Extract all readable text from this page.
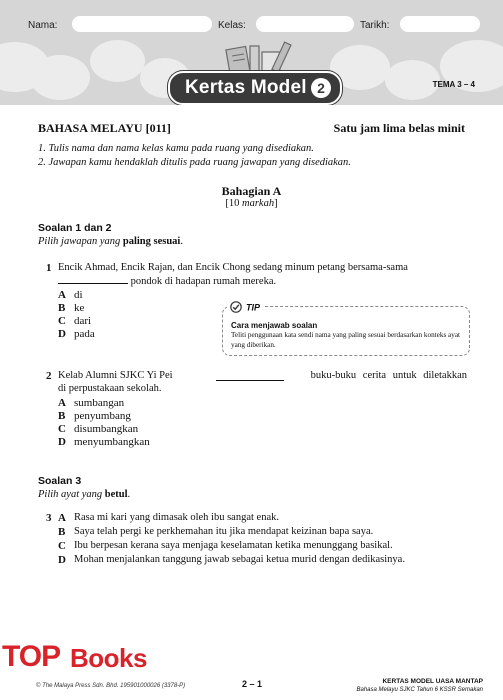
Nama:	Kelas:	Tarikh:
Kertas Model 2	TEMA 3 – 4
BAHASA MELAYU [011]	Satu jam lima belas minit
1. Tulis nama dan nama kelas kamu pada ruang yang disediakan.
2. Jawapan kamu hendaklah ditulis pada ruang jawapan yang disediakan.
Bahagian A
[10 markah]
Soalan 1 dan 2
Pilih jawapan yang paling sesuai.
1 Encik Ahmad, Encik Rajan, dan Encik Chong sedang minum petang bersama-sama
pondok di hadapan rumah mereka.
A di
B ke
C dari
D pada
TIP
Cara menjawab soalan
Teliti penggunaan kata sendi nama yang paling sesuai berdasarkan konteks ayat yang diberikan.
2 Kelab Alumni SJKC Yi Pei	buku-buku cerita untuk diletakkan
di perpustakaan sekolah.
A sumbangan
B penyumbang
C disumbangkan
D menyumbangkan
Soalan 3
Pilih ayat yang betul.
3 A Rasa mi kari yang dimasak oleh ibu sangat enak.
B Saya telah pergi ke perkhemahan itu jika mendapat keizinan bapa saya.
C Ibu berpesan kerana saya menjaga keselamatan ketika menunggang basikal.
D Mohan menjalankan tanggung jawab sebagai ketua murid dengan dedikasinya.
TOP Books
© The Malaya Press Sdn. Bhd. 195901000026 (3378-P)	2 – 1	KERTAS MODEL UASA MANTAP
Bahasa Melayu SJKC Tahun 6 KSSR Semakan
